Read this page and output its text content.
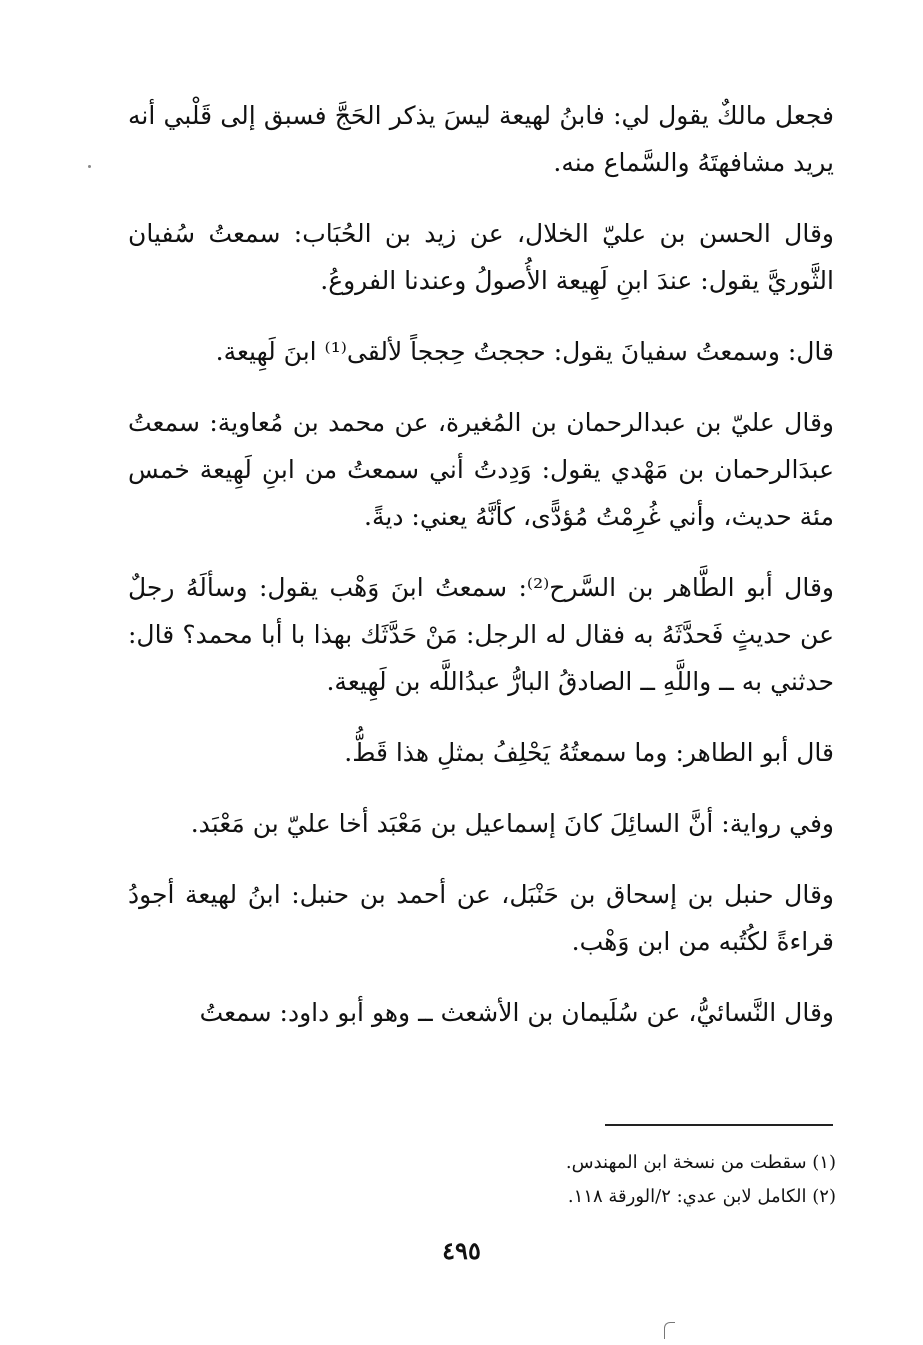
فجعل مالكٌ يقول لي: فابنُ لهيعة ليسَ يذكر الحَجَّ فسبق إلى قَلْبي أنه يريد مشافهتَهُ والسَّماع منه.

وقال الحسن بن عليّ الخلال، عن زيد بن الحُبَاب: سمعتُ سُفيان الثَّوريَّ يقول: عندَ ابنِ لَهِيعة الأُصولُ وعندنا الفروعُ.

قال: وسمعتُ سفيانَ يقول: حججتُ حِججاً لألقى⁽¹⁾ ابنَ لَهِيعة.

وقال عليّ بن عبدالرحمان بن المُغيرة، عن محمد بن مُعاوية: سمعتُ عبدَالرحمان بن مَهْدي يقول: وَدِدتُ أني سمعتُ من ابنِ لَهِيعة خمس مئة حديث، وأني غُرِمْتُ مُؤدًّى، كأنَّهُ يعني: ديةً.

وقال أبو الطَّاهر بن السَّرح⁽²⁾: سمعتُ ابنَ وَهْب يقول: وسألَهُ رجلٌ عن حديثٍ فَحدَّثَهُ به فقال له الرجل: مَنْ حَدَّثَك بهذا با أبا محمد؟ قال: حدثني به ــ واللَّهِ ــ الصادقُ البارُّ عبدُاللَّه بن لَهِيعة.

قال أبو الطاهر: وما سمعتُهُ يَحْلِفُ بمثلِ هذا قَطُّ.

وفي رواية: أنَّ السائِلَ كانَ إسماعيل بن مَعْبَد أخا عليّ بن مَعْبَد.

وقال حنبل بن إسحاق بن حَنْبَل، عن أحمد بن حنبل: ابنُ لهيعة أجودُ قراءةً لكُتُبه من ابن وَهْب.

وقال النَّسائيُّ، عن سُلَيمان بن الأشعث ــ وهو أبو داود: سمعتُ

(١) سقطت من نسخة ابن المهندس.

(٢) الكامل لابن عدي: ٢/الورقة ١١٨.

٤٩٥
